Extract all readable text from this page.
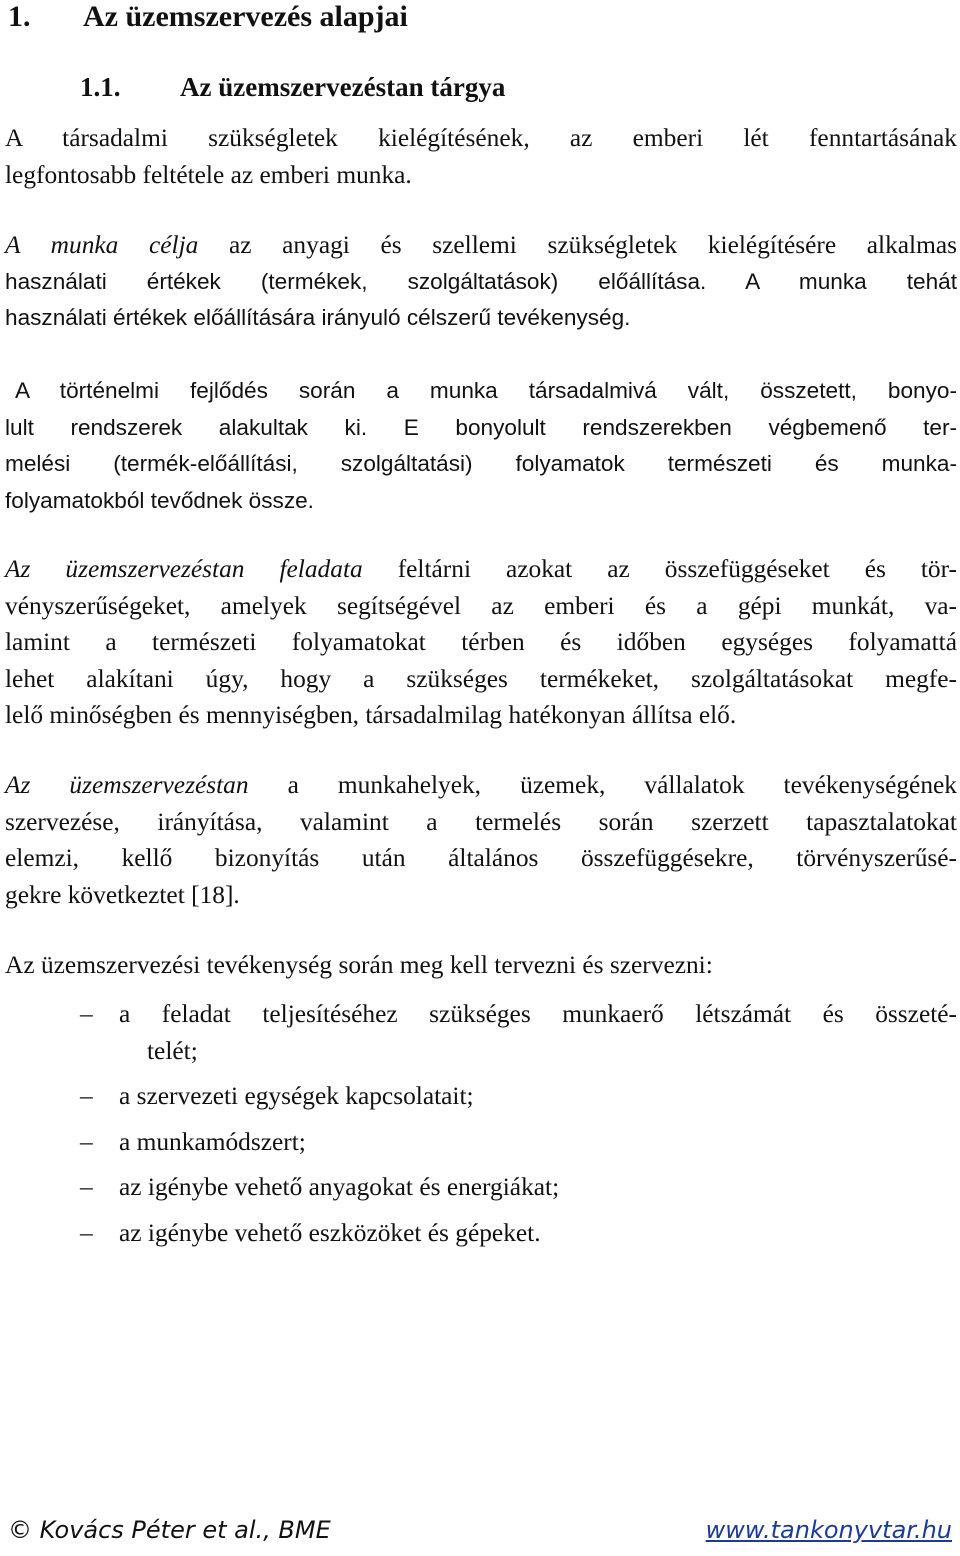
1. Az üzemszervezés alapjai
1.1. Az üzemszervezéstan tárgya
A társadalmi szükségletek kielégítésének, az emberi lét fenntartásának
legfontosabb feltétele az emberi munka.
A munka célja az anyagi és szellemi szükségletek kielégítésére alkalmas
használati értékek (termékek, szolgáltatások) előállítása. A munka tehát
használati értékek előállítására irányuló célszerű tevékenység.
A történelmi fejlődés során a munka társadalmivá vált, összetett, bonyo-
lult rendszerek alakultak ki. E bonyolult rendszerekben végbemenő ter-
melési (termék-előállítási, szolgáltatási) folyamatok természeti és munka-
folyamatokból tevődnek össze.
Az üzemszervezéstan feladata feltárni azokat az összefüggéseket és tör-
vényszerűségeket, amelyek segítségével az emberi és a gépi munkát, va-
lamint a természeti folyamatokat térben és időben egységes folyamattá
lehet alakítani úgy, hogy a szükséges termékeket, szolgáltatásokat megfe-
lelő minőségben és mennyiségben, társadalmilag hatékonyan állítsa elő.
Az üzemszervezéstan a munkahelyek, üzemek, vállalatok tevékenységének
szervezése, irányítása, valamint a termelés során szerzett tapasztalatokat
elemzi, kellő bizonyítás után általános összefüggésekre, törvényszerűsé-
gekre következtet [18].
Az üzemszervezési tevékenység során meg kell tervezni és szervezni:
– a feladat teljesítéséhez szükséges munkaerő létszámát és összeté-
telét;
– a szervezeti egységek kapcsolatait;
– a munkamódszert;
– az igénybe vehető anyagokat és energiákat;
– az igénybe vehető eszközöket és gépeket.
© Kovács Péter et al., BME	www.tankonyvtar.hu
